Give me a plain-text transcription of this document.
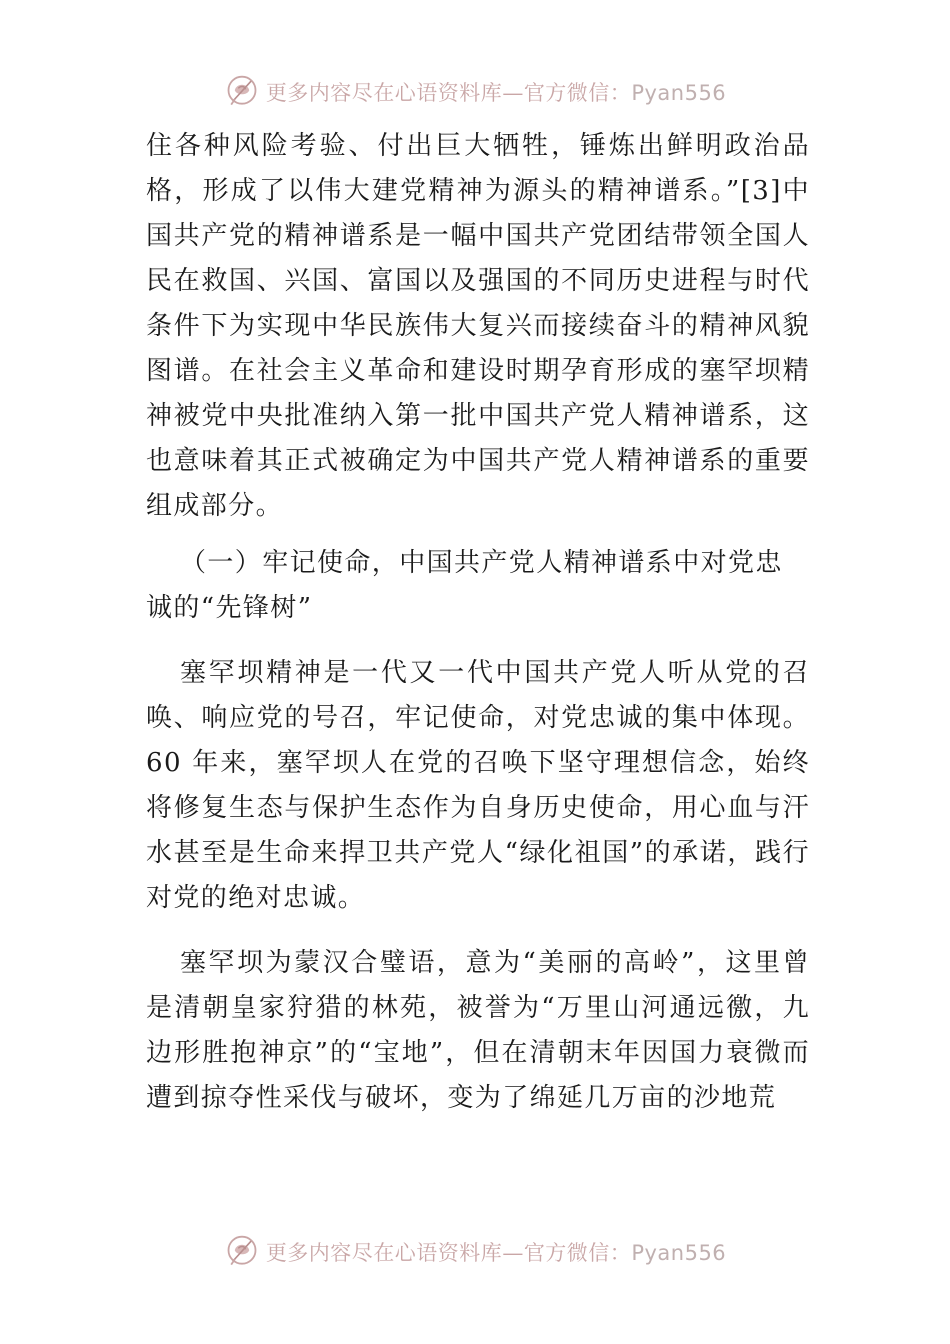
更多内容尽在心语资料库—官方微信：Pyan556

住各种风险考验、付出巨大牺牲，锤炼出鲜明政治品格，形成了以伟大建党精神为源头的精神谱系。”[3]中国共产党的精神谱系是一幅中国共产党团结带领全国人民在救国、兴国、富国以及强国的不同历史进程与时代条件下为实现中华民族伟大复兴而接续奋斗的精神风貌图谱。在社会主义革命和建设时期孕育形成的塞罕坝精神被党中央批准纳入第一批中国共产党人精神谱系，这也意味着其正式被确定为中国共产党人精神谱系的重要组成部分。

（一）牢记使命，中国共产党人精神谱系中对党忠诚的“先锋树”

塞罕坝精神是一代又一代中国共产党人听从党的召唤、响应党的号召，牢记使命，对党忠诚的集中体现。60 年来，塞罕坝人在党的召唤下坚守理想信念，始终将修复生态与保护生态作为自身历史使命，用心血与汗水甚至是生命来捍卫共产党人“绿化祖国”的承诺，践行对党的绝对忠诚。

塞罕坝为蒙汉合璧语，意为“美丽的高岭”，这里曾是清朝皇家狩猎的林苑，被誉为“万里山河通远徼，九边形胜抱神京”的“宝地”，但在清朝末年因国力衰微而遭到掠夺性采伐与破坏，变为了绵延几万亩的沙地荒

更多内容尽在心语资料库—官方微信：Pyan556
